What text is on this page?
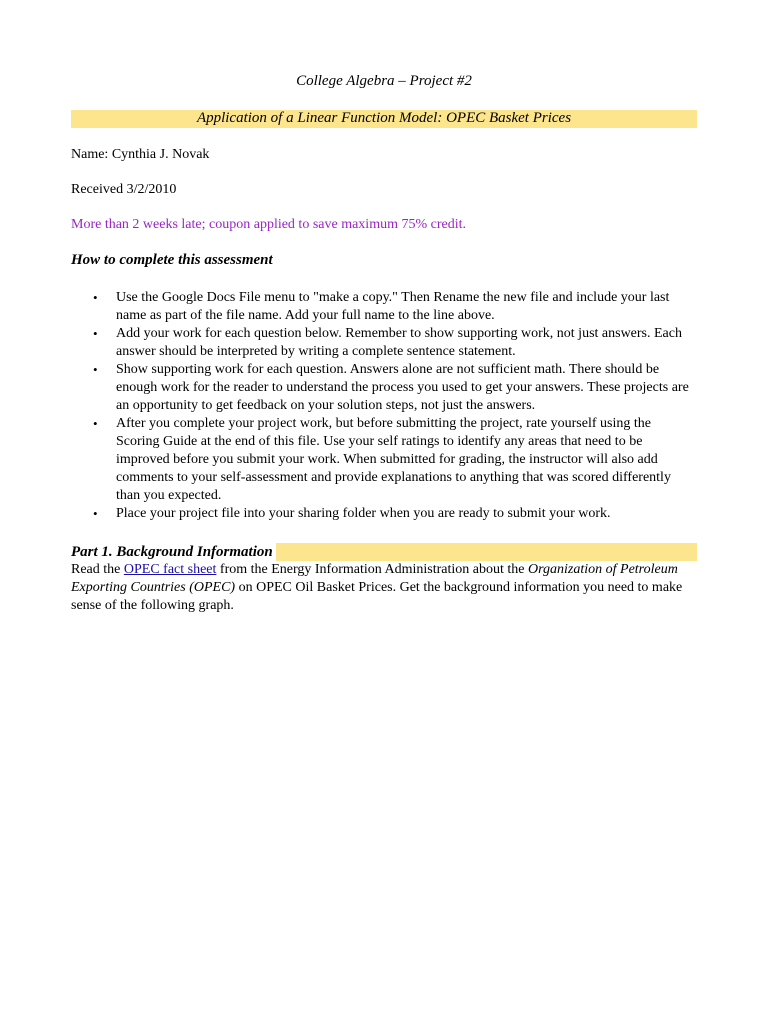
College Algebra – Project #2
Application of a Linear Function Model: OPEC Basket Prices
Name: Cynthia J. Novak
Received 3/2/2010
More than 2 weeks late; coupon applied to save maximum 75% credit.
How to complete this assessment
• Use the Google Docs File menu to "make a copy." Then Rename the new file and include your last name as part of the file name. Add your full name to the line above.
• Add your work for each question below. Remember to show supporting work, not just answers. Each answer should be interpreted by writing a complete sentence statement.
• Show supporting work for each question. Answers alone are not sufficient math. There should be enough work for the reader to understand the process you used to get your answers. These projects are an opportunity to get feedback on your solution steps, not just the answers.
• After you complete your project work, but before submitting the project, rate yourself using the Scoring Guide at the end of this file. Use your self ratings to identify any areas that need to be improved before you submit your work. When submitted for grading, the instructor will also add comments to your self-assessment and provide explanations to anything that was scored differently than you expected.
• Place your project file into your sharing folder when you are ready to submit your work.
Part 1. Background Information
Read the OPEC fact sheet from the Energy Information Administration about the Organization of Petroleum Exporting Countries (OPEC) on OPEC Oil Basket Prices. Get the background information you need to make sense of the following graph.
